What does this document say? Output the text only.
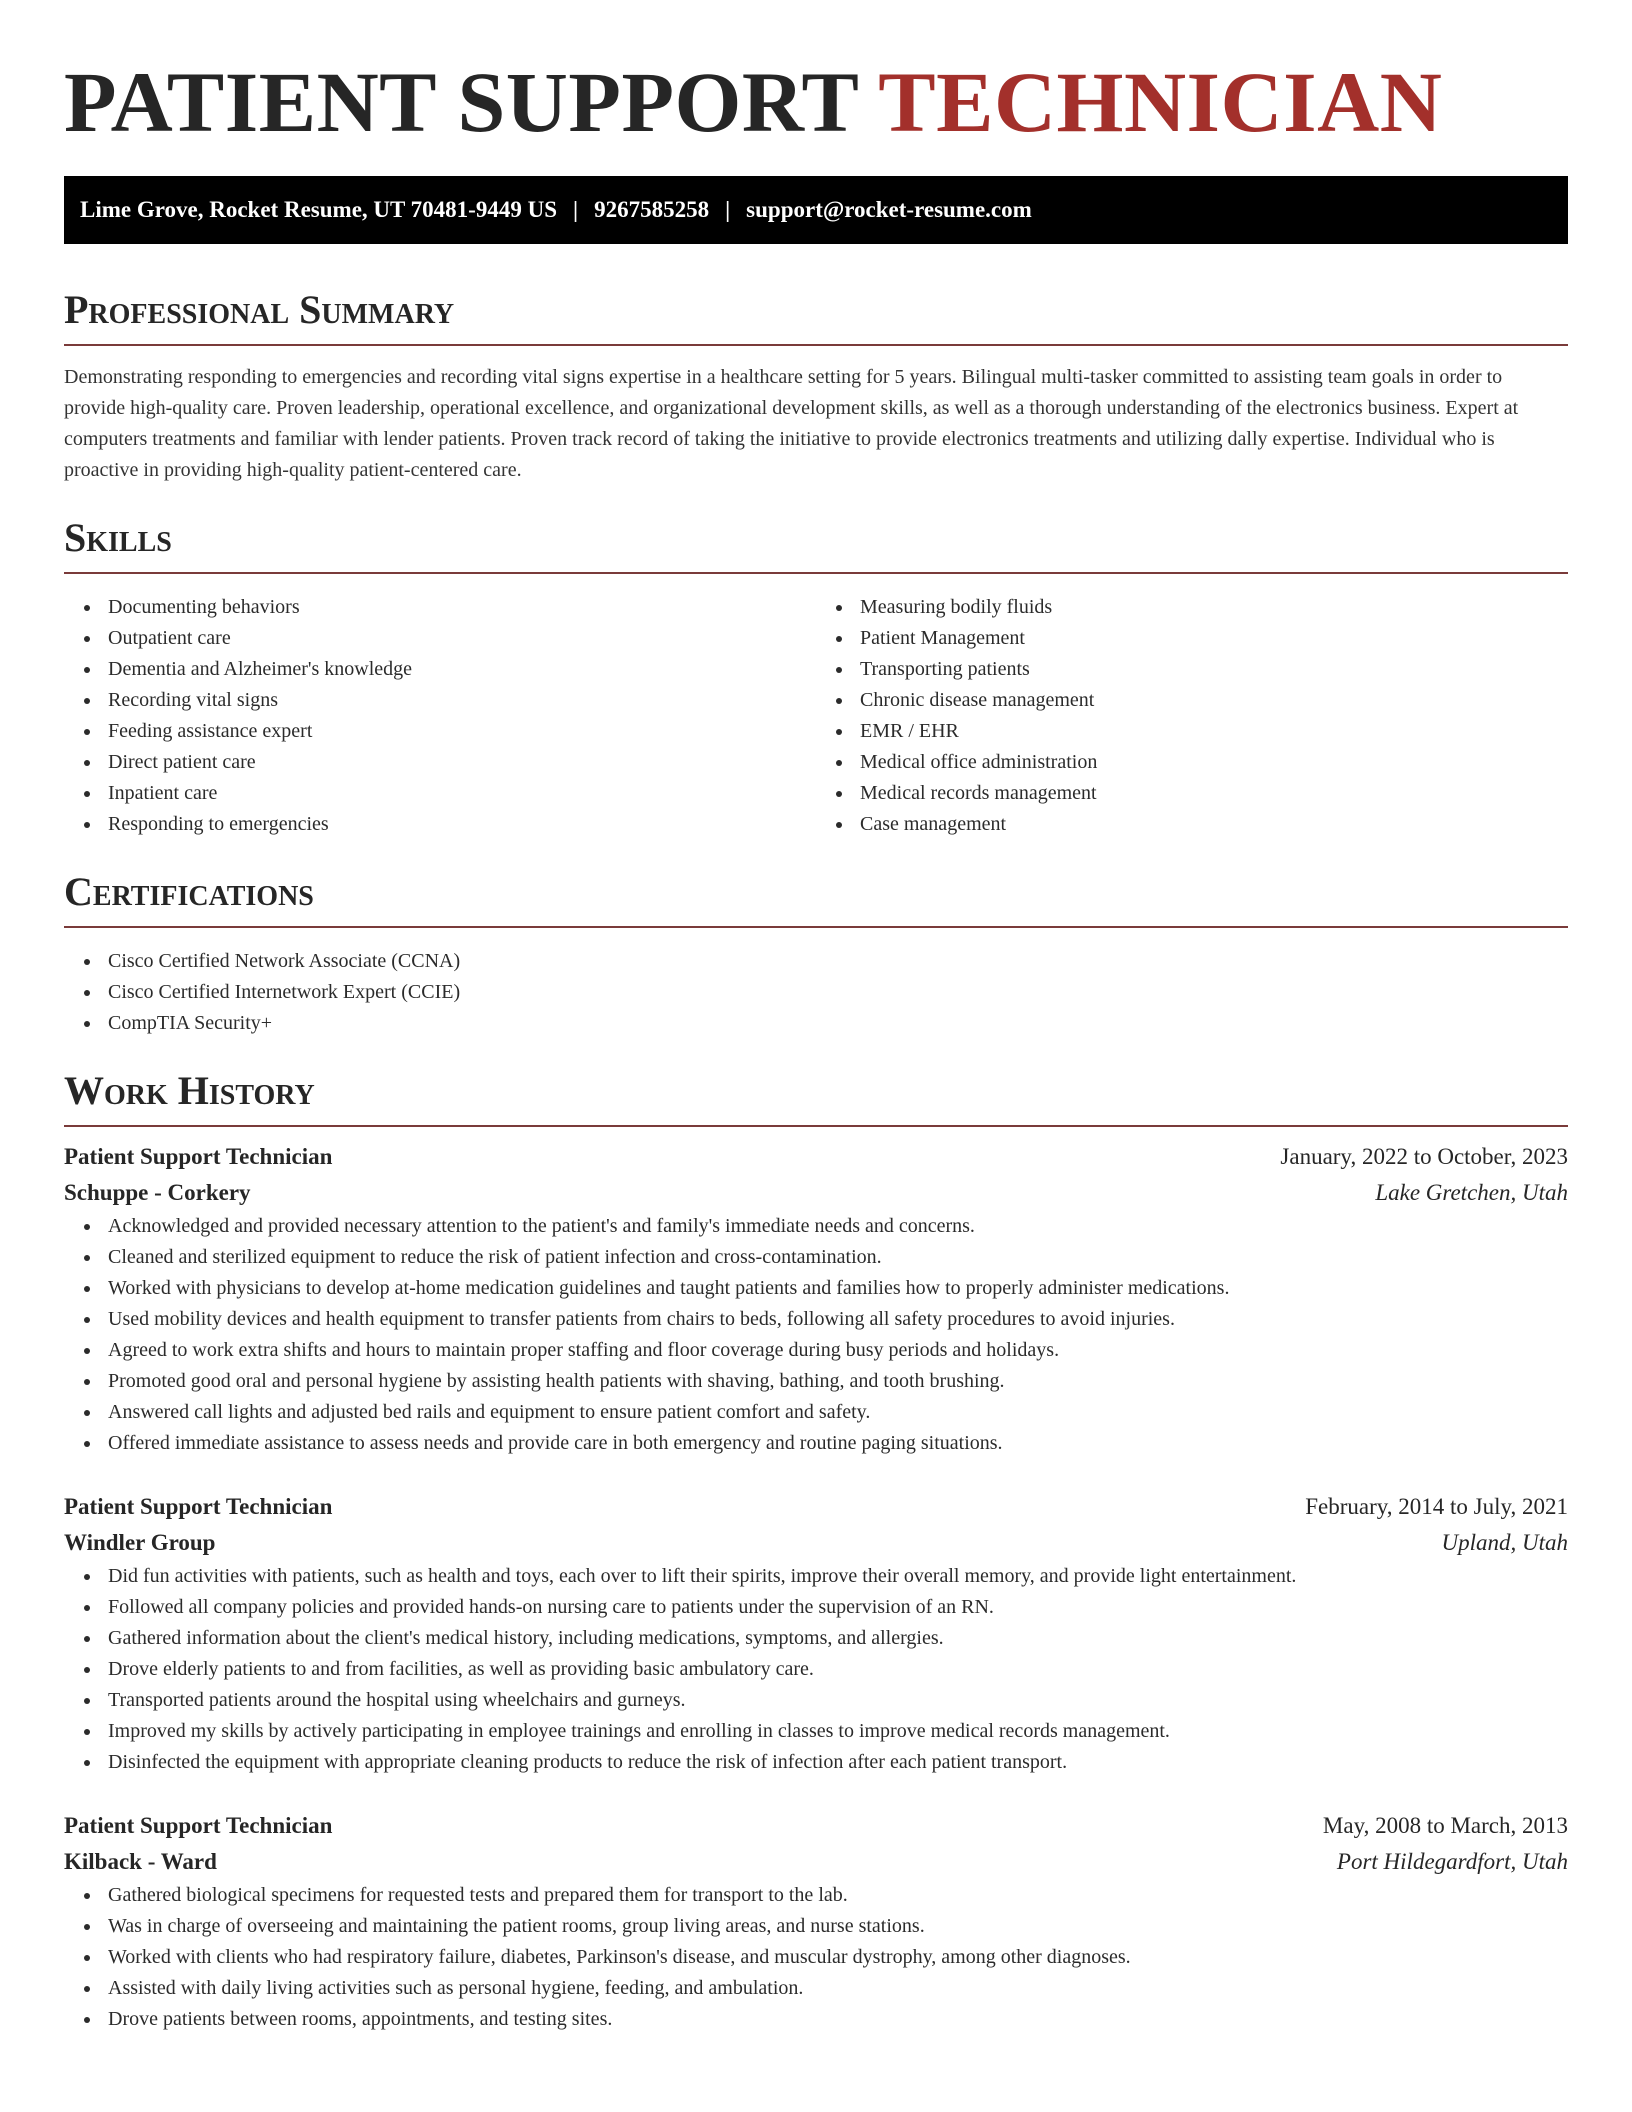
PATIENT SUPPORT TECHNICIAN
Lime Grove, Rocket Resume, UT 70481-9449 US | 9267585258 | support@rocket-resume.com
Professional Summary

Demonstrating responding to emergencies and recording vital signs expertise in a healthcare setting for 5 years. Bilingual multi-tasker committed to assisting team goals in order to provide high-quality care. Proven leadership, operational excellence, and organizational development skills, as well as a thorough understanding of the electronics business. Expert at computers treatments and familiar with lender patients. Proven track record of taking the initiative to provide electronics treatments and utilizing dally expertise. Individual who is proactive in providing high-quality patient-centered care.

Skills
Documenting behaviors
Outpatient care
Dementia and Alzheimer's knowledge
Recording vital signs
Feeding assistance expert
Direct patient care
Inpatient care
Responding to emergencies
Measuring bodily fluids
Patient Management
Transporting patients
Chronic disease management
EMR / EHR
Medical office administration
Medical records management
Case management
Certifications
Cisco Certified Network Associate (CCNA)
Cisco Certified Internetwork Expert (CCIE)
CompTIA Security+
Work History
Patient Support Technician	January, 2022 to October, 2023
Schuppe - Corkery	Lake Gretchen, Utah
Acknowledged and provided necessary attention to the patient's and family's immediate needs and concerns.
Cleaned and sterilized equipment to reduce the risk of patient infection and cross-contamination.
Worked with physicians to develop at-home medication guidelines and taught patients and families how to properly administer medications.
Used mobility devices and health equipment to transfer patients from chairs to beds, following all safety procedures to avoid injuries.
Agreed to work extra shifts and hours to maintain proper staffing and floor coverage during busy periods and holidays.
Promoted good oral and personal hygiene by assisting health patients with shaving, bathing, and tooth brushing.
Answered call lights and adjusted bed rails and equipment to ensure patient comfort and safety.
Offered immediate assistance to assess needs and provide care in both emergency and routine paging situations.
Patient Support Technician	February, 2014 to July, 2021
Windler Group	Upland, Utah
Did fun activities with patients, such as health and toys, each over to lift their spirits, improve their overall memory, and provide light entertainment.
Followed all company policies and provided hands-on nursing care to patients under the supervision of an RN.
Gathered information about the client's medical history, including medications, symptoms, and allergies.
Drove elderly patients to and from facilities, as well as providing basic ambulatory care.
Transported patients around the hospital using wheelchairs and gurneys.
Improved my skills by actively participating in employee trainings and enrolling in classes to improve medical records management.
Disinfected the equipment with appropriate cleaning products to reduce the risk of infection after each patient transport.
Patient Support Technician	May, 2008 to March, 2013
Kilback - Ward	Port Hildegardfort, Utah
Gathered biological specimens for requested tests and prepared them for transport to the lab.
Was in charge of overseeing and maintaining the patient rooms, group living areas, and nurse stations.
Worked with clients who had respiratory failure, diabetes, Parkinson's disease, and muscular dystrophy, among other diagnoses.
Assisted with daily living activities such as personal hygiene, feeding, and ambulation.
Drove patients between rooms, appointments, and testing sites.
